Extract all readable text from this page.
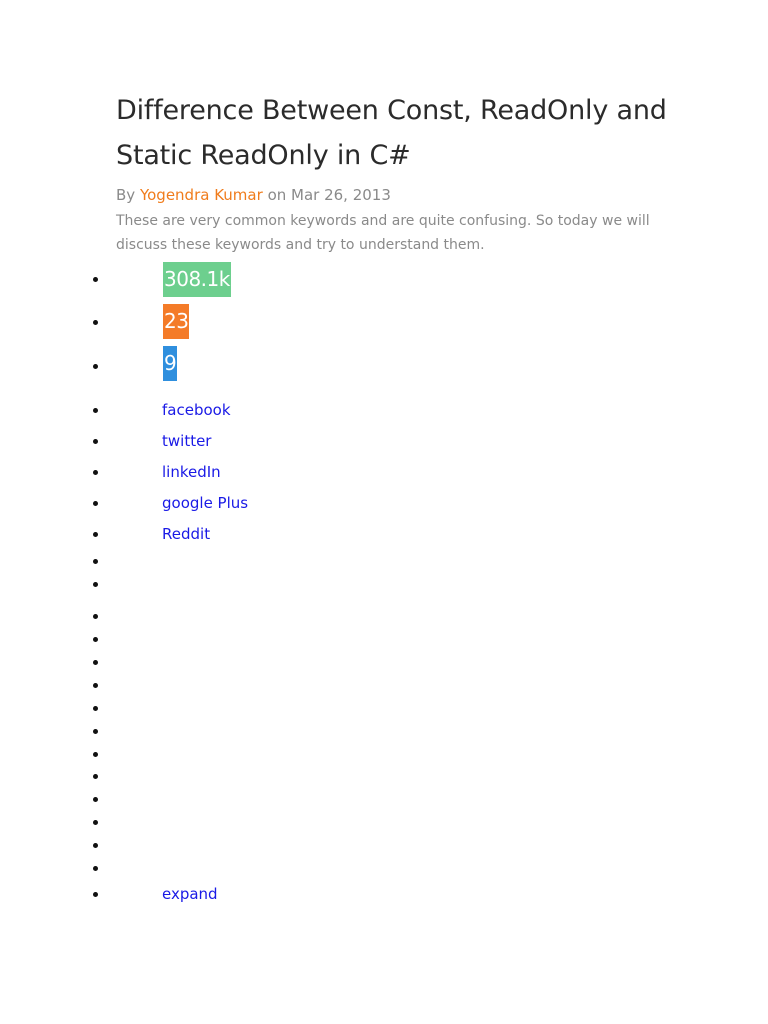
Difference Between Const, ReadOnly and Static ReadOnly in C#
By Yogendra Kumar on Mar 26, 2013
These are very common keywords and are quite confusing. So today we will discuss these keywords and try to understand them.
308.1k
23
9
facebook
twitter
linkedIn
google Plus
Reddit
expand
